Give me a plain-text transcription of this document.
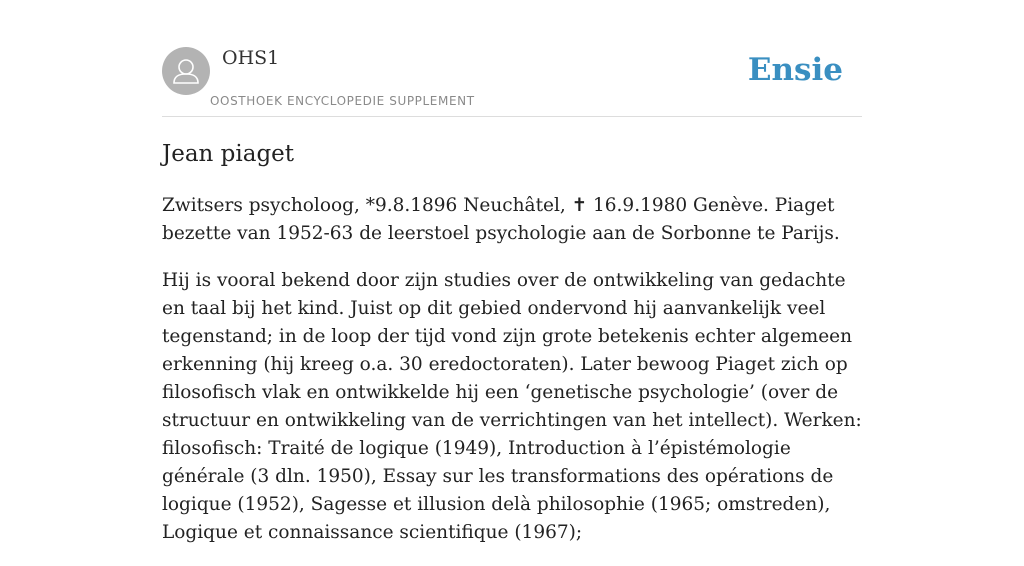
OHS1
OOSTHOEK ENCYCLOPEDIE SUPPLEMENT
Ensie
Jean piaget

Zwitsers psycholoog, *9.8.1896 Neuchâtel, ✝ 16.9.1980 Genève. Piaget bezette van 1952-63 de leerstoel psychologie aan de Sorbonne te Parijs.

Hij is vooral bekend door zijn studies over de ontwikkeling van gedachte en taal bij het kind. Juist op dit gebied ondervond hij aanvankelijk veel tegenstand; in de loop der tijd vond zijn grote betekenis echter algemeen erkenning (hij kreeg o.a. 30 eredoctoraten). Later bewoog Piaget zich op filosofisch vlak en ontwikkelde hij een ‘genetische psychologie’ (over de structuur en ontwikkeling van de verrichtingen van het intellect). Werken: filosofisch: Traité de logique (1949), Introduction à l’épistémologie générale (3 dln. 1950), Essay sur les transformations des opérations de logique (1952), Sagesse et illusion delà philosophie (1965; omstreden), Logique et connaissance scientifique (1967);
